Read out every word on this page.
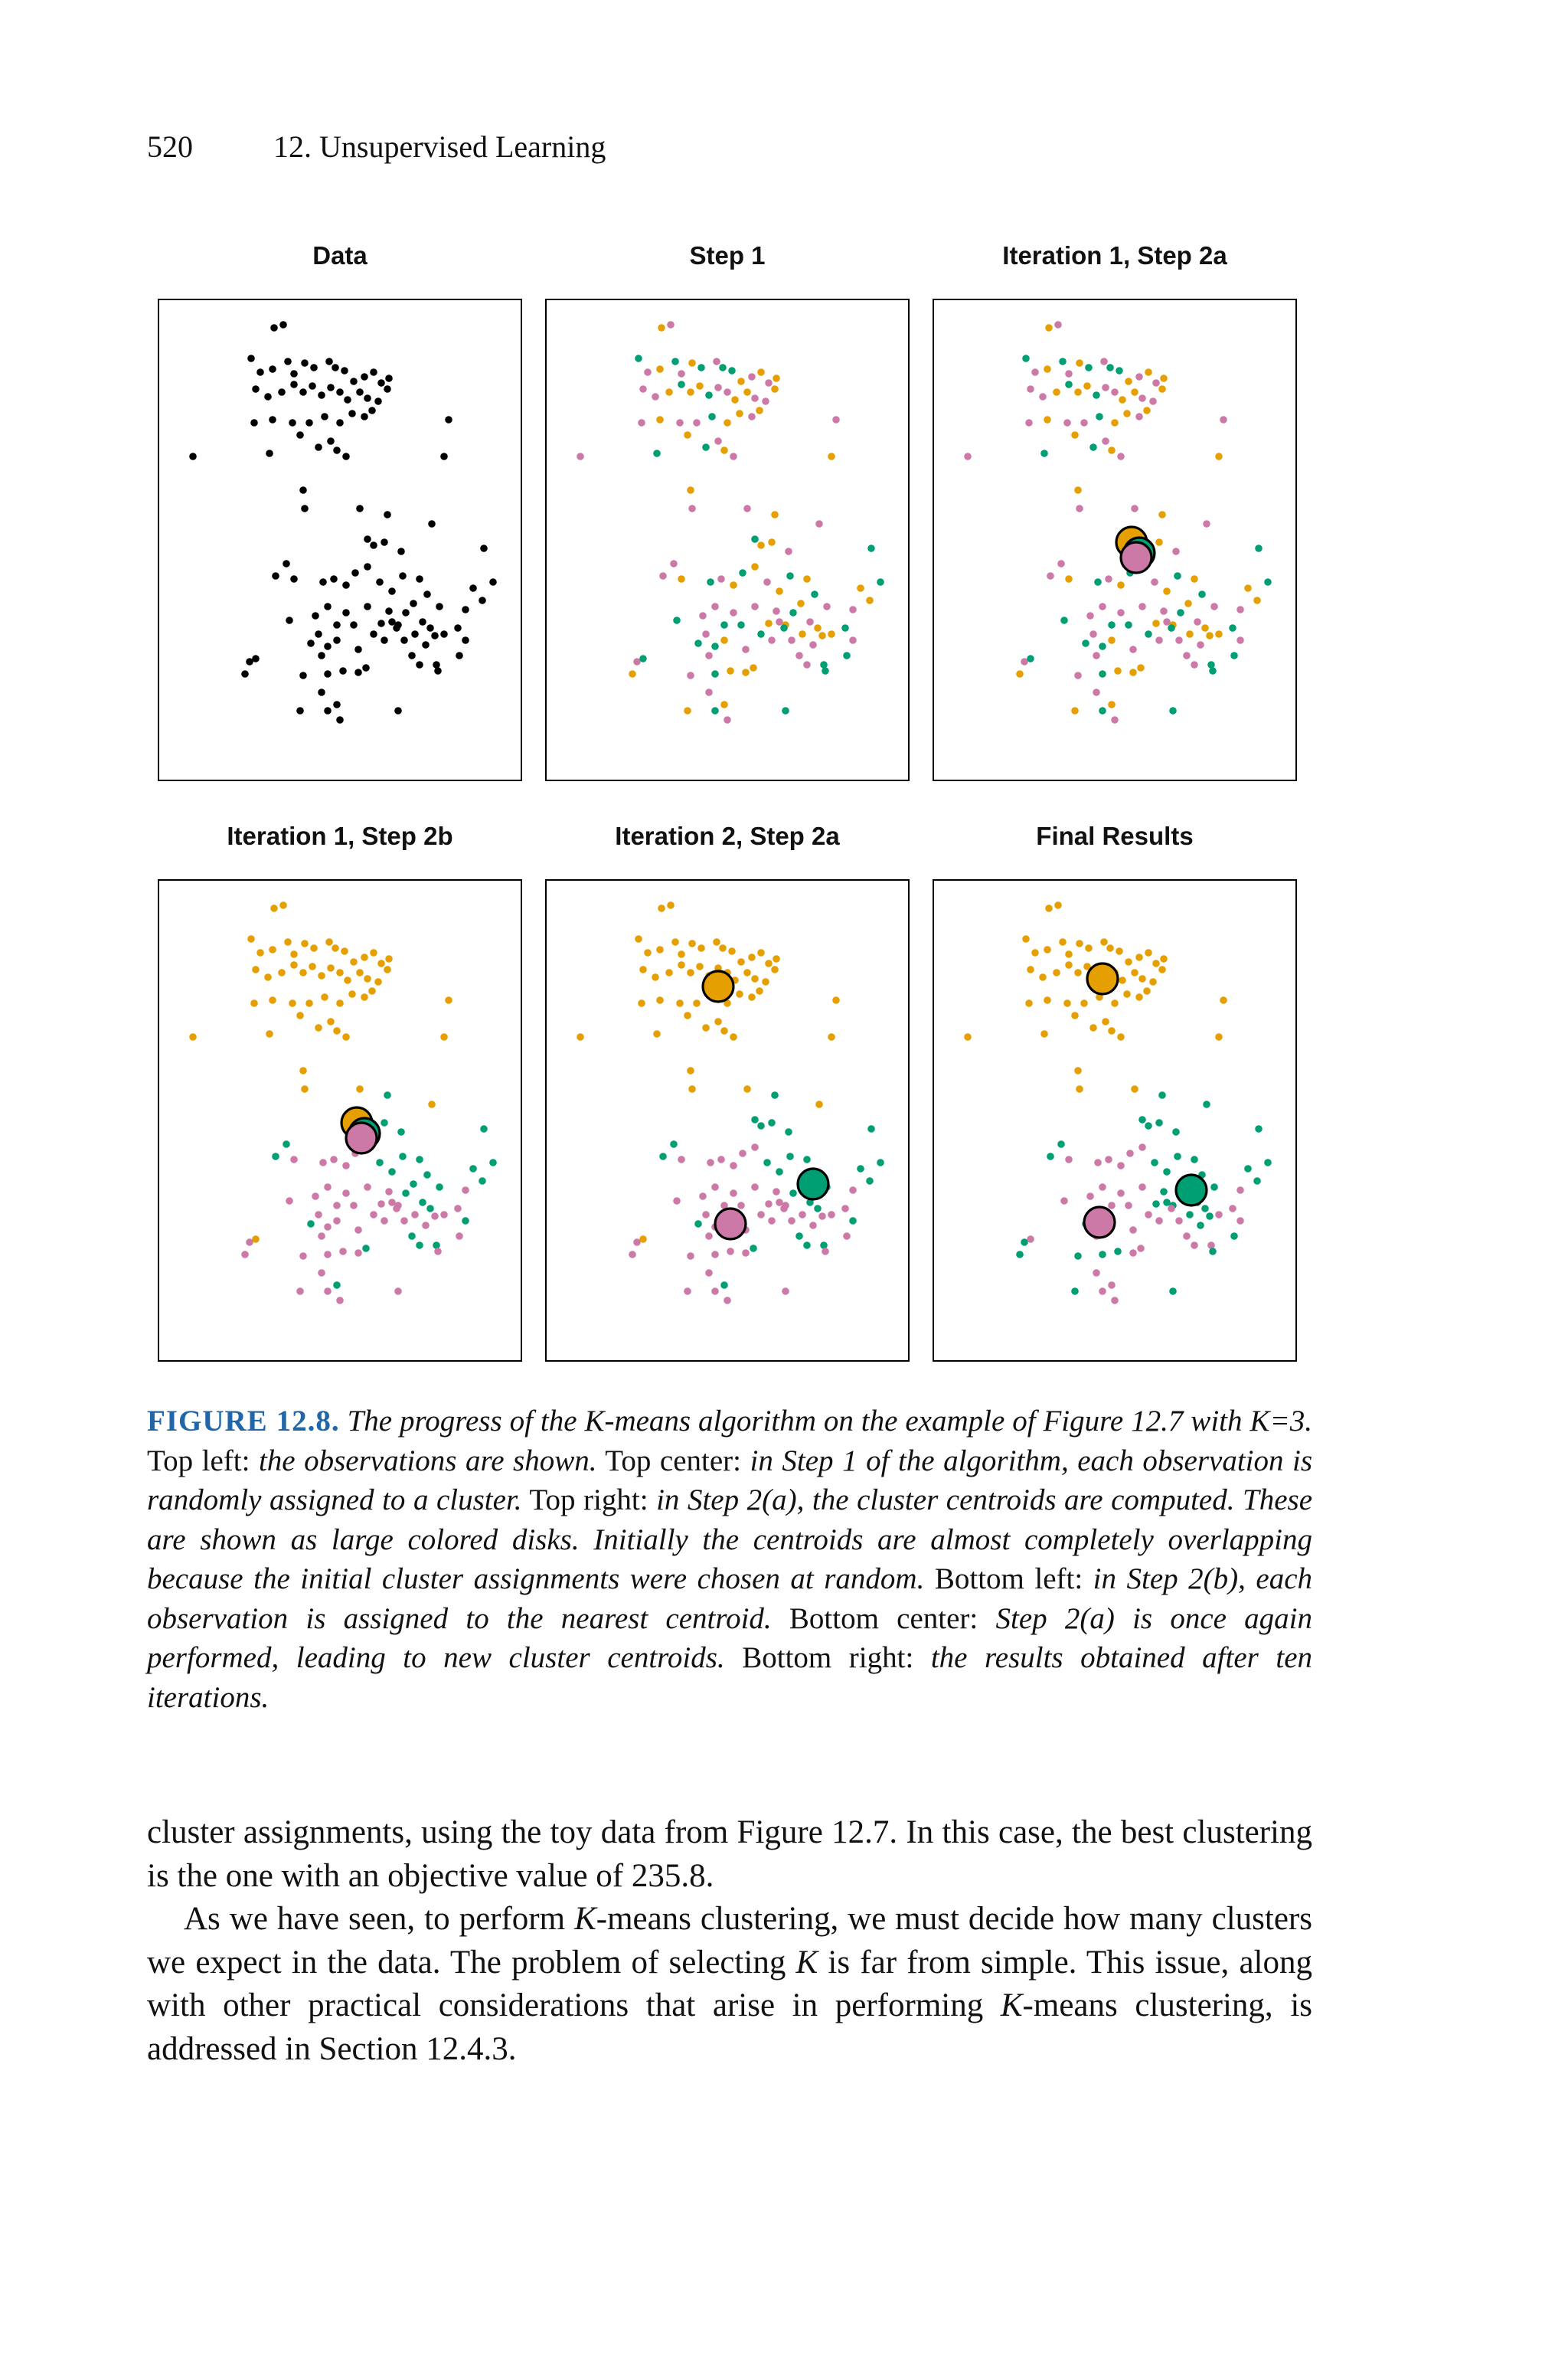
520	12. Unsupervised Learning
Data	Step 1	Iteration 1, Step 2a
Iteration 1, Step 2b	Iteration 2, Step 2a	Final Results
FIGURE 12.8. The progress of the K-means algorithm on the example of Figure 12.7 with K=3. Top left: the observations are shown. Top center: in Step 1 of the algorithm, each observation is randomly assigned to a cluster. Top right: in Step 2(a), the cluster centroids are computed. These are shown as large colored disks. Initially the centroids are almost completely overlapping because the initial cluster assignments were chosen at random. Bottom left: in Step 2(b), each observation is assigned to the nearest centroid. Bottom center: Step 2(a) is once again performed, leading to new cluster centroids. Bottom right: the results obtained after ten iterations.

cluster assignments, using the toy data from Figure 12.7. In this case, the best clustering is the one with an objective value of 235.8.

As we have seen, to perform K-means clustering, we must decide how many clusters we expect in the data. The problem of selecting K is far from simple. This issue, along with other practical considerations that arise in performing K-means clustering, is addressed in Section 12.4.3.
